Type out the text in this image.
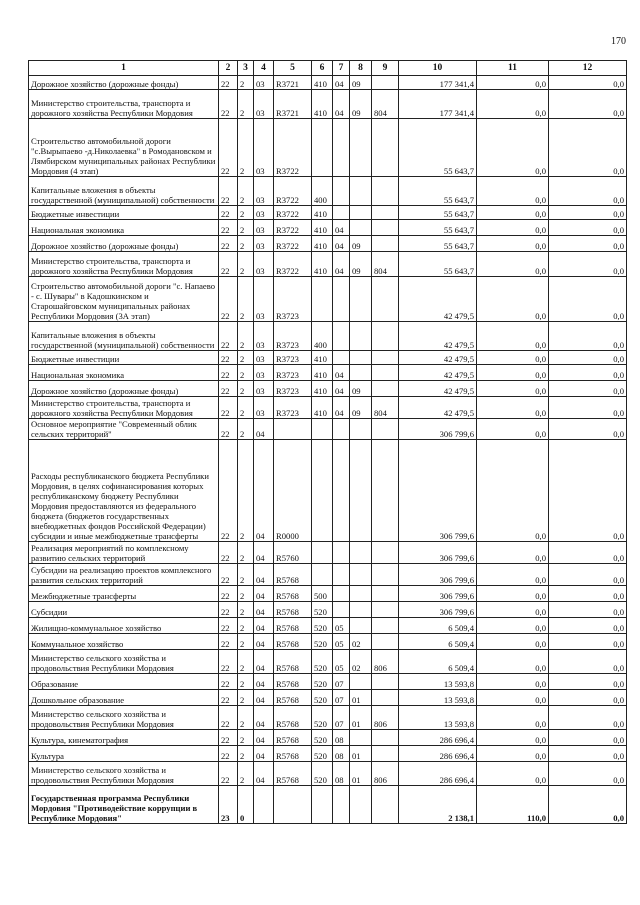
170
1	2	3	4	5	6	7	8	9	10	11	12
Дорожное хозяйство (дорожные фонды)	22	2	03	R3721	410	04	09		177 341,4	0,0	0,0
Министерство строительства, транспорта и дорожного хозяйства Республики Мордовия	22	2	03	R3721	410	04	09	804	177 341,4	0,0	0,0
Строительство автомобильной дороги "с.Вырыпаево -д.Николаевка" в Ромодановском и Лямбирском муниципальных районах Республики Мордовия (4 этап)	22	2	03	R3722					55 643,7	0,0	0,0
Капитальные вложения в объекты государственной (муниципальной) собственности	22	2	03	R3722	400				55 643,7	0,0	0,0
Бюджетные инвестиции	22	2	03	R3722	410				55 643,7	0,0	0,0
Национальная экономика	22	2	03	R3722	410	04			55 643,7	0,0	0,0
Дорожное хозяйство (дорожные фонды)	22	2	03	R3722	410	04	09		55 643,7	0,0	0,0
Министерство строительства, транспорта и дорожного хозяйства Республики Мордовия	22	2	03	R3722	410	04	09	804	55 643,7	0,0	0,0
Строительство автомобильной дороги "с. Напаево - с. Шувары" в Кадошкинском и Старошайговском муниципальных районах Республики Мордовия (3А этап)	22	2	03	R3723					42 479,5	0,0	0,0
Капитальные вложения в объекты государственной (муниципальной) собственности	22	2	03	R3723	400				42 479,5	0,0	0,0
Бюджетные инвестиции	22	2	03	R3723	410				42 479,5	0,0	0,0
Национальная экономика	22	2	03	R3723	410	04			42 479,5	0,0	0,0
Дорожное хозяйство (дорожные фонды)	22	2	03	R3723	410	04	09		42 479,5	0,0	0,0
Министерство строительства, транспорта и дорожного хозяйства Республики Мордовия	22	2	03	R3723	410	04	09	804	42 479,5	0,0	0,0
Основное мероприятие "Современный облик сельских территорий"	22	2	04						306 799,6	0,0	0,0
Расходы республиканского бюджета Республики Мордовия, в целях софинансирования которых республиканскому бюджету Республики Мордовия предоставляются из федерального бюджета (бюджетов государственных внебюджетных фондов Российской Федерации) субсидии и иные межбюджетные трансферты	22	2	04	R0000					306 799,6	0,0	0,0
Реализация мероприятий по комплексному развитию сельских территорий	22	2	04	R5760					306 799,6	0,0	0,0
Субсидии на реализацию проектов комплексного развития сельских территорий	22	2	04	R5768					306 799,6	0,0	0,0
Межбюджетные трансферты	22	2	04	R5768	500				306 799,6	0,0	0,0
Субсидии	22	2	04	R5768	520				306 799,6	0,0	0,0
Жилищно-коммунальное хозяйство	22	2	04	R5768	520	05			6 509,4	0,0	0,0
Коммунальное хозяйство	22	2	04	R5768	520	05	02		6 509,4	0,0	0,0
Министерство сельского хозяйства и продовольствия Республики Мордовия	22	2	04	R5768	520	05	02	806	6 509,4	0,0	0,0
Образование	22	2	04	R5768	520	07			13 593,8	0,0	0,0
Дошкольное образование	22	2	04	R5768	520	07	01		13 593,8	0,0	0,0
Министерство сельского хозяйства и продовольствия Республики Мордовия	22	2	04	R5768	520	07	01	806	13 593,8	0,0	0,0
Культура, кинематография	22	2	04	R5768	520	08			286 696,4	0,0	0,0
Культура	22	2	04	R5768	520	08	01		286 696,4	0,0	0,0
Министерство сельского хозяйства и продовольствия Республики Мордовия	22	2	04	R5768	520	08	01	806	286 696,4	0,0	0,0
Государственная программа Республики Мордовия "Противодействие коррупции в Республике Мордовия"	23	0							2 138,1	110,0	0,0
